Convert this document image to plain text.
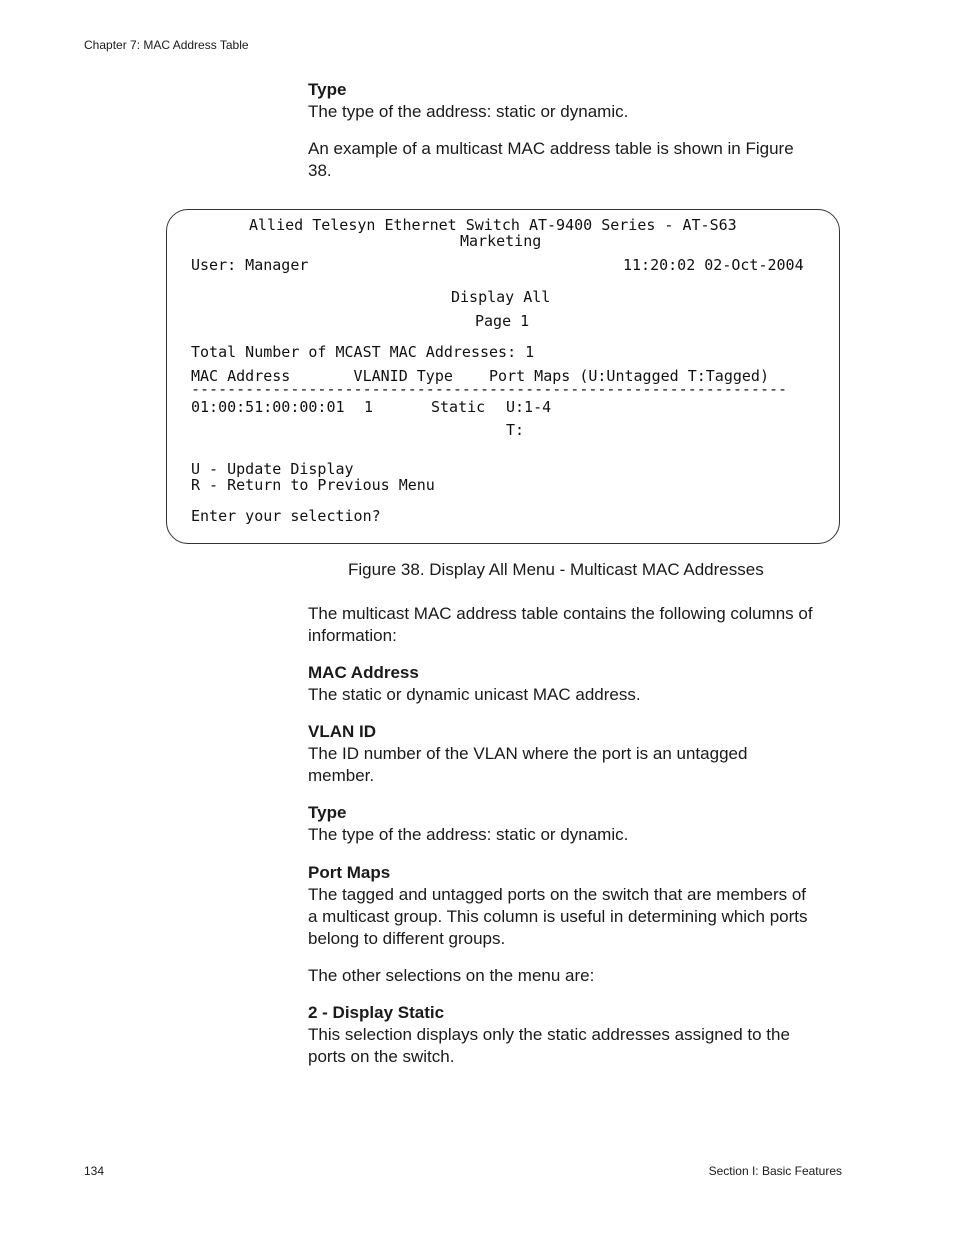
Chapter 7: MAC Address Table
Type

The type of the address: static or dynamic.

An example of a multicast MAC address table is shown in Figure 38.

Allied Telesyn Ethernet Switch AT-9400 Series - AT-S63
Marketing
User: Manager	11:20:02 02-Oct-2004
Display All
Page 1
Total Number of MCAST MAC Addresses: 1
MAC Address       VLANID Type    Port Maps (U:Untagged T:Tagged)
------------------------------------------------------------------
01:00:51:00:00:01 1	Static U:1-4
T:
U - Update Display
R - Return to Previous Menu
Enter your selection?
Figure 38. Display All Menu - Multicast MAC Addresses

The multicast MAC address table contains the following columns of information:

MAC Address

The static or dynamic unicast MAC address.

VLAN ID

The ID number of the VLAN where the port is an untagged member.

Type

The type of the address: static or dynamic.

Port Maps

The tagged and untagged ports on the switch that are members of a multicast group. This column is useful in determining which ports belong to different groups.

The other selections on the menu are:

2 - Display Static

This selection displays only the static addresses assigned to the ports on the switch.

134	Section I: Basic Features
